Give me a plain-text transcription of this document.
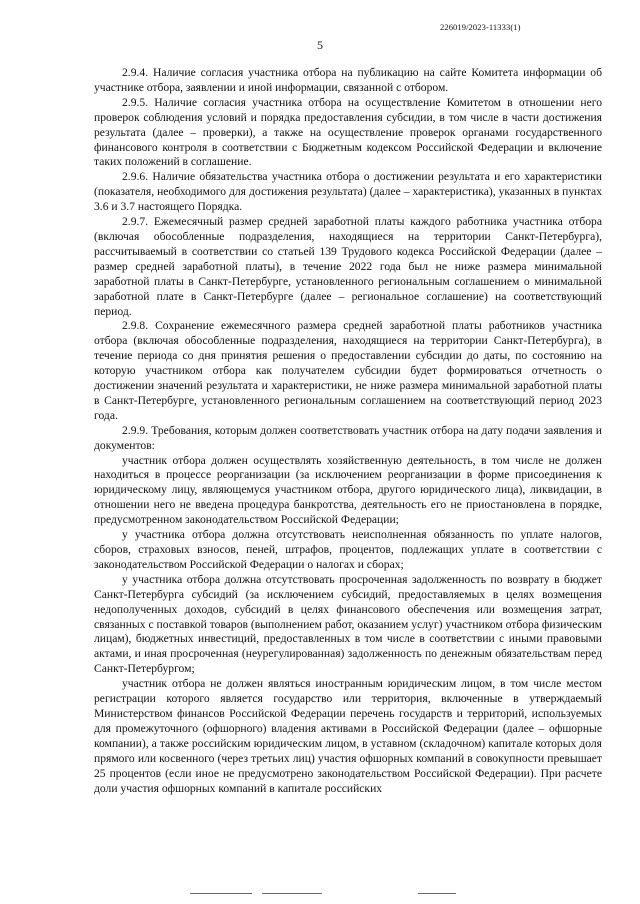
226019/2023-11333(1)
5

2.9.4. Наличие согласия участника отбора на публикацию на сайте Комитета информации об участнике отбора, заявлении и иной информации, связанной с отбором.

2.9.5. Наличие согласия участника отбора на осуществление Комитетом в отношении него проверок соблюдения условий и порядка предоставления субсидии, в том числе в части достижения результата (далее – проверки), а также на осуществление проверок органами государственного финансового контроля в соответствии с Бюджетным кодексом Российской Федерации и включение таких положений в соглашение.

2.9.6. Наличие обязательства участника отбора о достижении результата и его характеристики (показателя, необходимого для достижения результата) (далее – характеристика), указанных в пунктах 3.6 и 3.7 настоящего Порядка.

2.9.7. Ежемесячный размер средней заработной платы каждого работника участника отбора (включая обособленные подразделения, находящиеся на территории Санкт-Петербурга), рассчитываемый в соответствии со статьей 139 Трудового кодекса Российской Федерации (далее – размер средней заработной платы), в течение 2022 года был не ниже размера минимальной заработной платы в Санкт-Петербурге, установленного региональным соглашением о минимальной заработной плате в Санкт-Петербурге (далее – региональное соглашение) на соответствующий период.

2.9.8. Сохранение ежемесячного размера средней заработной платы работников участника отбора (включая обособленные подразделения, находящиеся на территории Санкт-Петербурга), в течение периода со дня принятия решения о предоставлении субсидии до даты, по состоянию на которую участником отбора как получателем субсидии будет формироваться отчетность о достижении значений результата и характеристики, не ниже размера минимальной заработной платы в Санкт-Петербурге, установленного региональным соглашением на соответствующий период 2023 года.

2.9.9. Требования, которым должен соответствовать участник отбора на дату подачи заявления и документов:

участник отбора должен осуществлять хозяйственную деятельность, в том числе не должен находиться в процессе реорганизации (за исключением реорганизации в форме присоединения к юридическому лицу, являющемуся участником отбора, другого юридического лица), ликвидации, в отношении него не введена процедура банкротства, деятельность его не приостановлена в порядке, предусмотренном законодательством Российской Федерации;

у участника отбора должна отсутствовать неисполненная обязанность по уплате налогов, сборов, страховых взносов, пеней, штрафов, процентов, подлежащих уплате в соответствии с законодательством Российской Федерации о налогах и сборах;

у участника отбора должна отсутствовать просроченная задолженность по возврату в бюджет Санкт-Петербурга субсидий (за исключением субсидий, предоставляемых в целях возмещения недополученных доходов, субсидий в целях финансового обеспечения или возмещения затрат, связанных с поставкой товаров (выполнением работ, оказанием услуг) участником отбора физическим лицам), бюджетных инвестиций, предоставленных в том числе в соответствии с иными правовыми актами, и иная просроченная (неурегулированная) задолженность по денежным обязательствам перед Санкт-Петербургом;

участник отбора не должен являться иностранным юридическим лицом, в том числе местом регистрации которого является государство или территория, включенные в утверждаемый Министерством финансов Российской Федерации перечень государств и территорий, используемых для промежуточного (офшорного) владения активами в Российской Федерации (далее – офшорные компании), а также российским юридическим лицом, в уставном (складочном) капитале которых доля прямого или косвенного (через третьих лиц) участия офшорных компаний в совокупности превышает 25 процентов (если иное не предусмотрено законодательством Российской Федерации). При расчете доли участия офшорных компаний в капитале российских
